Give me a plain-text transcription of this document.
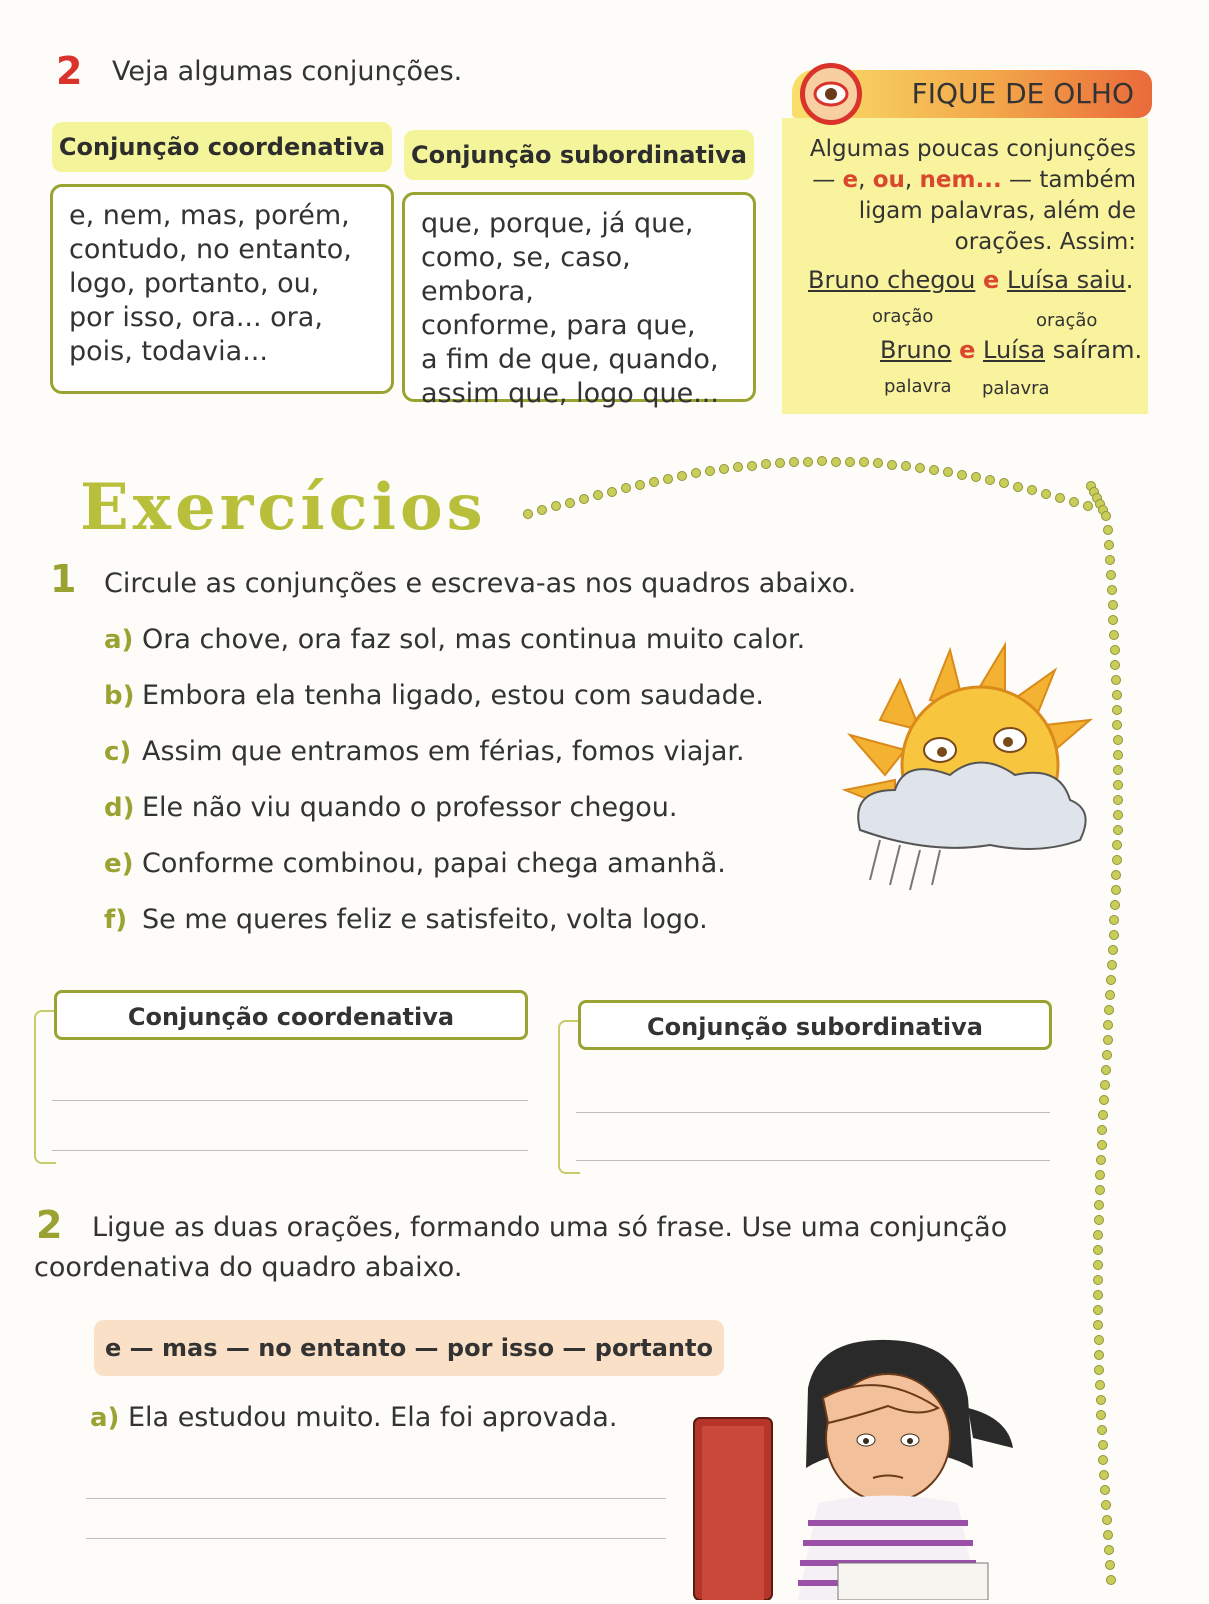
2 Veja algumas conjunções.
Conjunção coordenativa Conjunção subordinativa
e, nem, mas, porém,
contudo, no entanto,
logo, portanto, ou,
por isso, ora... ora,
pois, todavia...
que, porque, já que,
como, se, caso, embora,
conforme, para que,
a fim de que, quando,
assim que, logo que...
FIQUE DE OLHO
Algumas poucas conjunções
— e, ou, nem... — também
ligam palavras, além de
orações. Assim:
Bruno chegou e Luísa saiu.
oração	oração
Bruno e Luísa saíram.
palavra palavra
Exercícios
1 Circule as conjunções e escreva-as nos quadros abaixo.
a) Ora chove, ora faz sol, mas continua muito calor.
b) Embora ela tenha ligado, estou com saudade.
c) Assim que entramos em férias, fomos viajar.
d) Ele não viu quando o professor chegou.
e) Conforme combinou, papai chega amanhã.
f) Se me queres feliz e satisfeito, volta logo.
Conjunção coordenativa	Conjunção subordinativa
2 Ligue as duas orações, formando uma só frase. Use uma conjunção
coordenativa do quadro abaixo.
e — mas — no entanto — por isso — portanto
a) Ela estudou muito. Ela foi aprovada.
